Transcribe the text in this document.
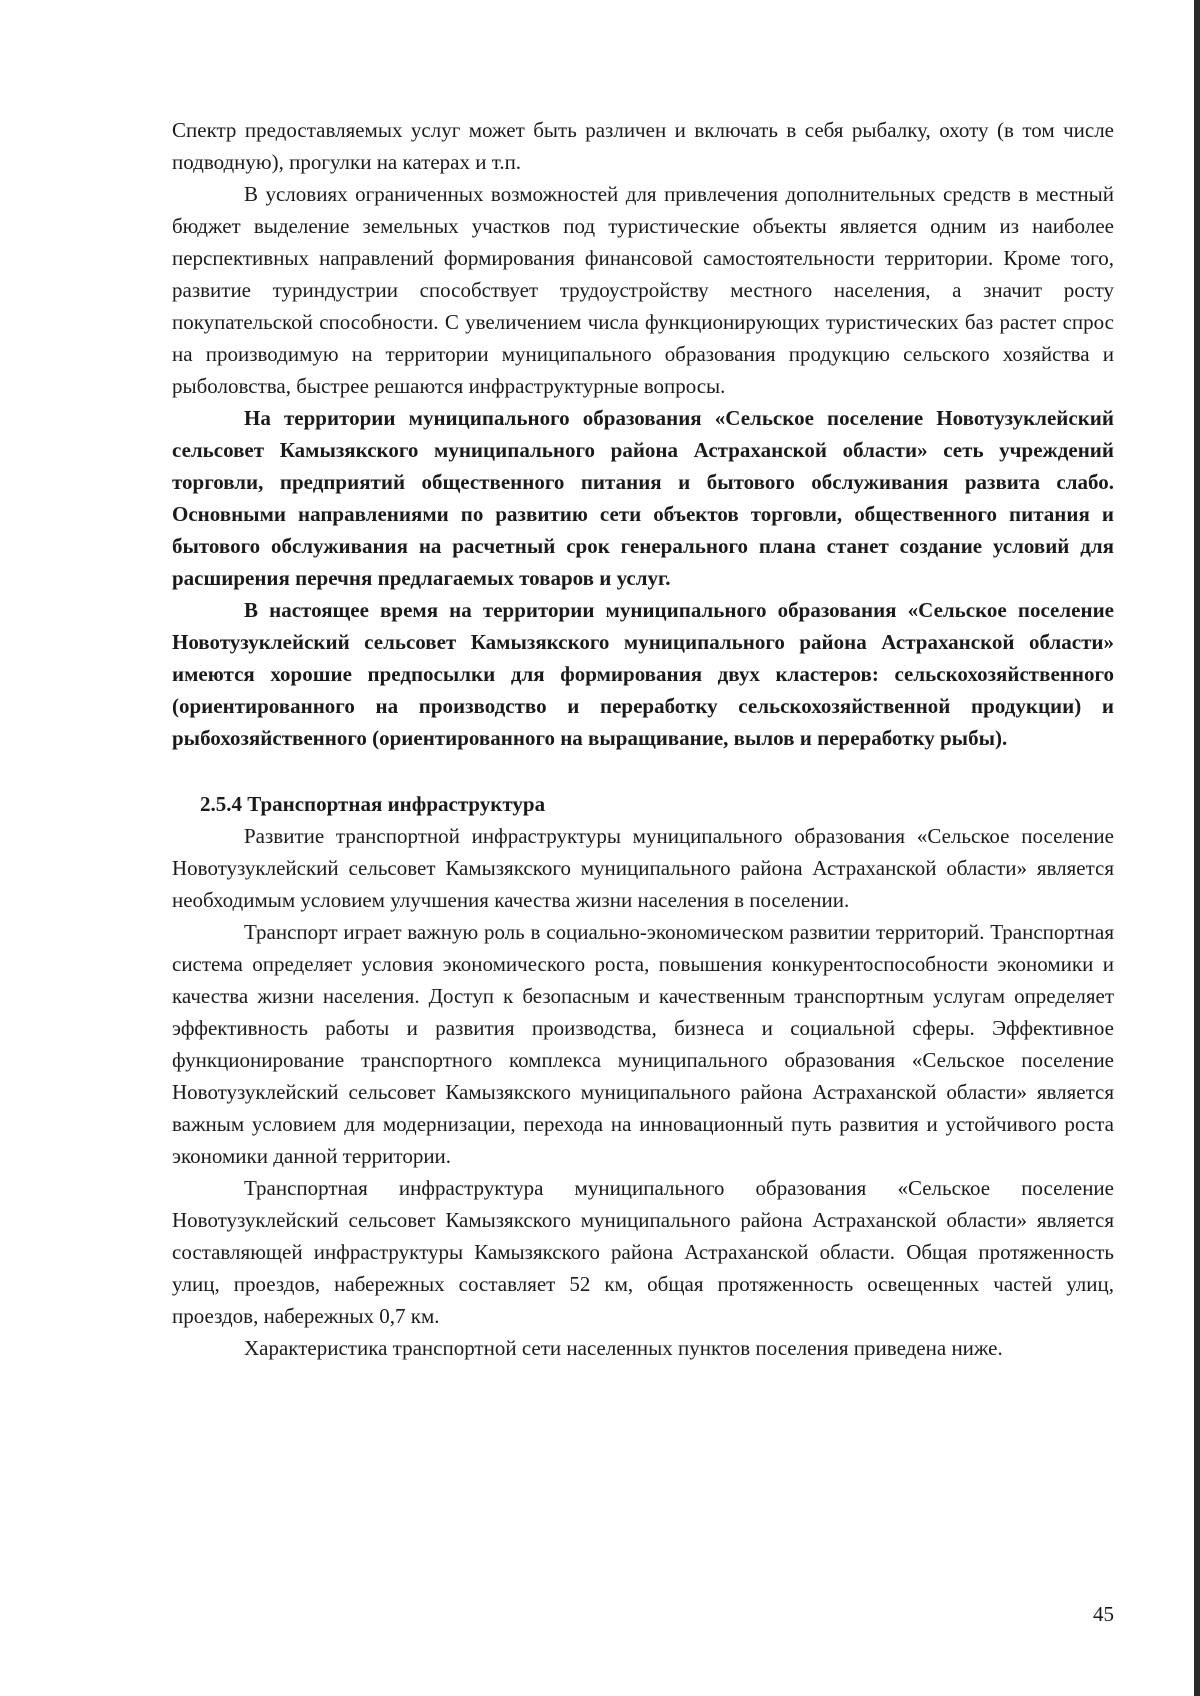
Спектр предоставляемых услуг может быть различен и включать в себя рыбалку, охоту (в том числе подводную), прогулки на катерах и т.п.

В условиях ограниченных возможностей для привлечения дополнительных средств в местный бюджет выделение земельных участков под туристические объекты является одним из наиболее перспективных направлений формирования финансовой самостоятельности территории. Кроме того, развитие туриндустрии способствует трудоустройству местного населения, а значит росту покупательской способности. С увеличением числа функционирующих туристических баз растет спрос на производимую на территории муниципального образования продукцию сельского хозяйства и рыболовства, быстрее решаются инфраструктурные вопросы.

На территории муниципального образования «Сельское поселение Новотузуклейский сельсовет Камызякского муниципального района Астраханской области» сеть учреждений торговли, предприятий общественного питания и бытового обслуживания развита слабо. Основными направлениями по развитию сети объектов торговли, общественного питания и бытового обслуживания на расчетный срок генерального плана станет создание условий для расширения перечня предлагаемых товаров и услуг.

В настоящее время на территории муниципального образования «Сельское поселение Новотузуклейский сельсовет Камызякского муниципального района Астраханской области» имеются хорошие предпосылки для формирования двух кластеров: сельскохозяйственного (ориентированного на производство и переработку сельскохозяйственной продукции) и рыбохозяйственного (ориентированного на выращивание, вылов и переработку рыбы).

2.5.4 Транспортная инфраструктура

Развитие транспортной инфраструктуры муниципального образования «Сельское поселение Новотузуклейский сельсовет Камызякского муниципального района Астраханской области» является необходимым условием улучшения качества жизни населения в поселении.

Транспорт играет важную роль в социально-экономическом развитии территорий. Транспортная система определяет условия экономического роста, повышения конкурентоспособности экономики и качества жизни населения. Доступ к безопасным и качественным транспортным услугам определяет эффективность работы и развития производства, бизнеса и социальной сферы. Эффективное функционирование транспортного комплекса муниципального образования «Сельское поселение Новотузуклейский сельсовет Камызякского муниципального района Астраханской области» является важным условием для модернизации, перехода на инновационный путь развития и устойчивого роста экономики данной территории.

Транспортная инфраструктура муниципального образования «Сельское поселение Новотузуклейский сельсовет Камызякского муниципального района Астраханской области» является составляющей инфраструктуры Камызякского района Астраханской области. Общая протяженность улиц, проездов, набережных составляет 52 км, общая протяженность освещенных частей улиц, проездов, набережных 0,7 км.

Характеристика транспортной сети населенных пунктов поселения приведена ниже.

45
